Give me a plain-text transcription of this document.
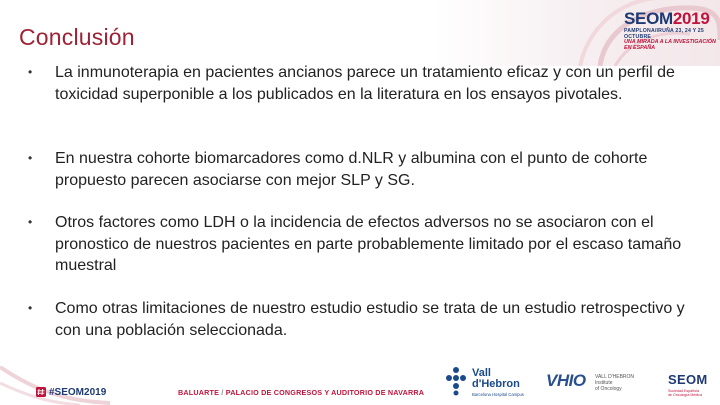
Conclusión
SEOM2019
PAMPLONA/IRUÑA 23, 24 Y 25 OCTUBRE
UNA MIRADA A LA INVESTIGACIÓN EN ESPAÑA
• La inmunoterapia en pacientes ancianos parece un tratamiento eficaz y con un perfil de toxicidad superponible a los publicados en la literatura en los ensayos pivotales.
• En nuestra cohorte biomarcadores como d.NLR y albumina con el punto de cohorte propuesto parecen asociarse con mejor SLP y SG.
• Otros factores como LDH o la incidencia de efectos adversos no se asociaron con el pronostico de nuestros pacientes en parte probablemente limitado por el escaso tamaño muestral
• Como otras limitaciones de nuestro estudio estudio se trata de un estudio retrospectivo y con una población seleccionada.
#SEOM2019	BALUARTE / PALACIO DE CONGRESOS Y AUDITORIO DE NAVARRA
Vall
d'Hebron
Barcelona Hospital Campus
VHIO VALL D'HEBRON
Institute
of Oncology
SEOM
Sociedad Española
de Oncología Médica
